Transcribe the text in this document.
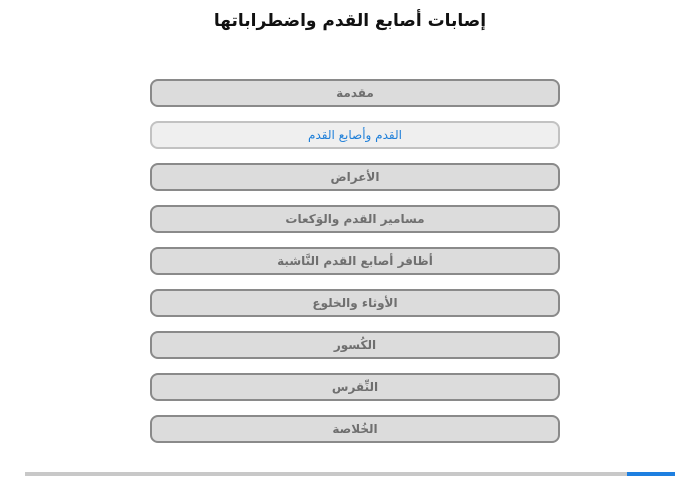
إصابات أصابع القدم واضطراباتها
مقدمة
القدم وأصابع القدم
الأعراض
مسامير القدم والوَكعات
أظافر أصابع القدم النَّاشبة
الأوثاء والخلوع
الكُسور
النِّقرس
الخُلاصة
